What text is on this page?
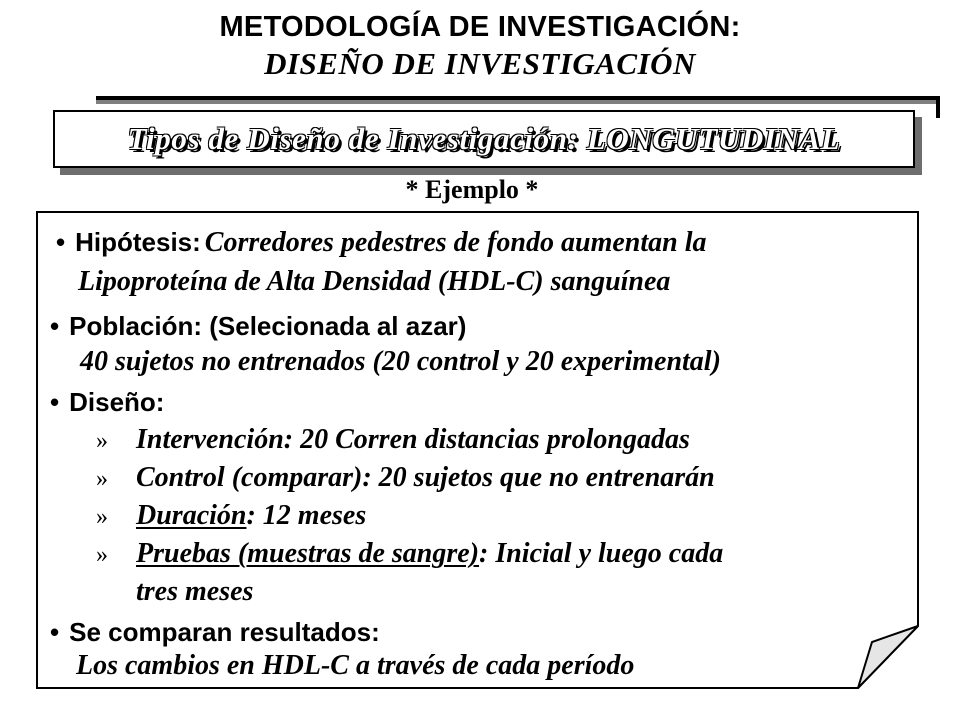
METODOLOGÍA DE INVESTIGACIÓN:
DISEÑO DE INVESTIGACIÓN
Tipos de Diseño de Investigación: LONGUTUDINAL
* Ejemplo *
• Hipótesis: Corredores pedestres de fondo aumentan la
Lipoproteína de Alta Densidad (HDL-C) sanguínea
• Población: (Selecionada al azar)
40 sujetos no entrenados (20 control y 20 experimental)
• Diseño:
» Intervención: 20 Corren distancias prolongadas
» Control (comparar): 20 sujetos que no entrenarán
» Duración: 12 meses
» Pruebas (muestras de sangre): Inicial y luego cada
tres meses
• Se comparan resultados:
Los cambios en HDL-C a través de cada período
